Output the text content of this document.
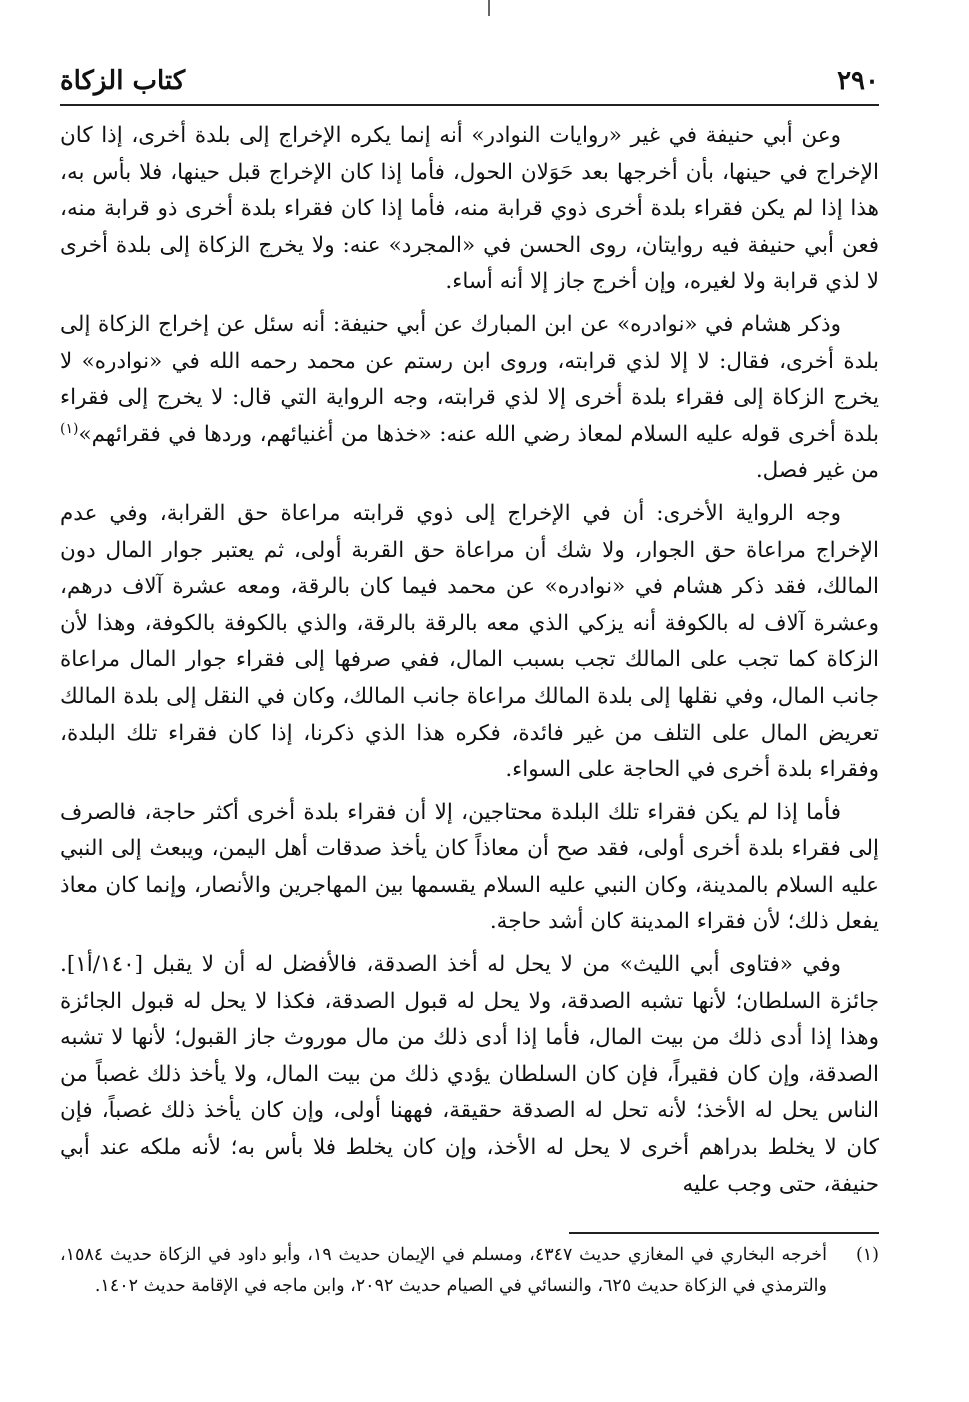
٢٩٠
كتاب الزكاة

وعن أبي حنيفة في غير «روايات النوادر» أنه إنما يكره الإخراج إلى بلدة أخرى، إذا كان الإخراج في حينها، بأن أخرجها بعد حَوَلان الحول، فأما إذا كان الإخراج قبل حينها، فلا بأس به، هذا إذا لم يكن فقراء بلدة أخرى ذوي قرابة منه، فأما إذا كان فقراء بلدة أخرى ذو قرابة منه، فعن أبي حنيفة فيه روايتان، روى الحسن في «المجرد» عنه: ولا يخرج الزكاة إلى بلدة أخرى لا لذي قرابة ولا لغيره، وإن أخرج جاز إلا أنه أساء.

وذكر هشام في «نوادره» عن ابن المبارك عن أبي حنيفة: أنه سئل عن إخراج الزكاة إلى بلدة أخرى، فقال: لا إلا لذي قرابته، وروى ابن رستم عن محمد رحمه الله في «نوادره» لا يخرج الزكاة إلى فقراء بلدة أخرى إلا لذي قرابته، وجه الرواية التي قال: لا يخرج إلى فقراء بلدة أخرى قوله عليه السلام لمعاذ رضي الله عنه: «خذها من أغنيائهم، وردها في فقرائهم»$^{(١)}$ من غير فصل.

وجه الرواية الأخرى: أن في الإخراج إلى ذوي قرابته مراعاة حق القرابة، وفي عدم الإخراج مراعاة حق الجوار، ولا شك أن مراعاة حق القربة أولى، ثم يعتبر جوار المال دون المالك، فقد ذكر هشام في «نوادره» عن محمد فيما كان بالرقة، ومعه عشرة آلاف درهم، وعشرة آلاف له بالكوفة أنه يزكي الذي معه بالرقة بالرقة، والذي بالكوفة بالكوفة، وهذا لأن الزكاة كما تجب على المالك تجب بسبب المال، ففي صرفها إلى فقراء جوار المال مراعاة جانب المال، وفي نقلها إلى بلدة المالك مراعاة جانب المالك، وكان في النقل إلى بلدة المالك تعريض المال على التلف من غير فائدة، فكره هذا الذي ذكرنا، إذا كان فقراء تلك البلدة، وفقراء بلدة أخرى في الحاجة على السواء.

فأما إذا لم يكن فقراء تلك البلدة محتاجين، إلا أن فقراء بلدة أخرى أكثر حاجة، فالصرف إلى فقراء بلدة أخرى أولى، فقد صح أن معاذاً كان يأخذ صدقات أهل اليمن، ويبعث إلى النبي عليه السلام بالمدينة، وكان النبي عليه السلام يقسمها بين المهاجرين والأنصار، وإنما كان معاذ يفعل ذلك؛ لأن فقراء المدينة كان أشد حاجة.

وفي «فتاوى أبي الليث» من لا يحل له أخذ الصدقة، فالأفضل له أن لا يقبل [١٤٠/أ١]. جائزة السلطان؛ لأنها تشبه الصدقة، ولا يحل له قبول الصدقة، فكذا لا يحل له قبول الجائزة وهذا إذا أدى ذلك من بيت المال، فأما إذا أدى ذلك من مال موروث جاز القبول؛ لأنها لا تشبه الصدقة، وإن كان فقيراً، فإن كان السلطان يؤدي ذلك من بيت المال، ولا يأخذ ذلك غصباً من الناس يحل له الأخذ؛ لأنه تحل له الصدقة حقيقة، فههنا أولى، وإن كان يأخذ ذلك غصباً، فإن كان لا يخلط بدراهم أخرى لا يحل له الأخذ، وإن كان يخلط فلا بأس به؛ لأنه ملكه عند أبي حنيفة، حتى وجب عليه

(١)
أخرجه البخاري في المغازي حديث ٤٣٤٧، ومسلم في الإيمان حديث ١٩، وأبو داود في الزكاة حديث ١٥٨٤، والترمذي في الزكاة حديث ٦٢٥، والنسائي في الصيام حديث ٢٠٩٢، وابن ماجه في الإقامة حديث ١٤٠٢.
